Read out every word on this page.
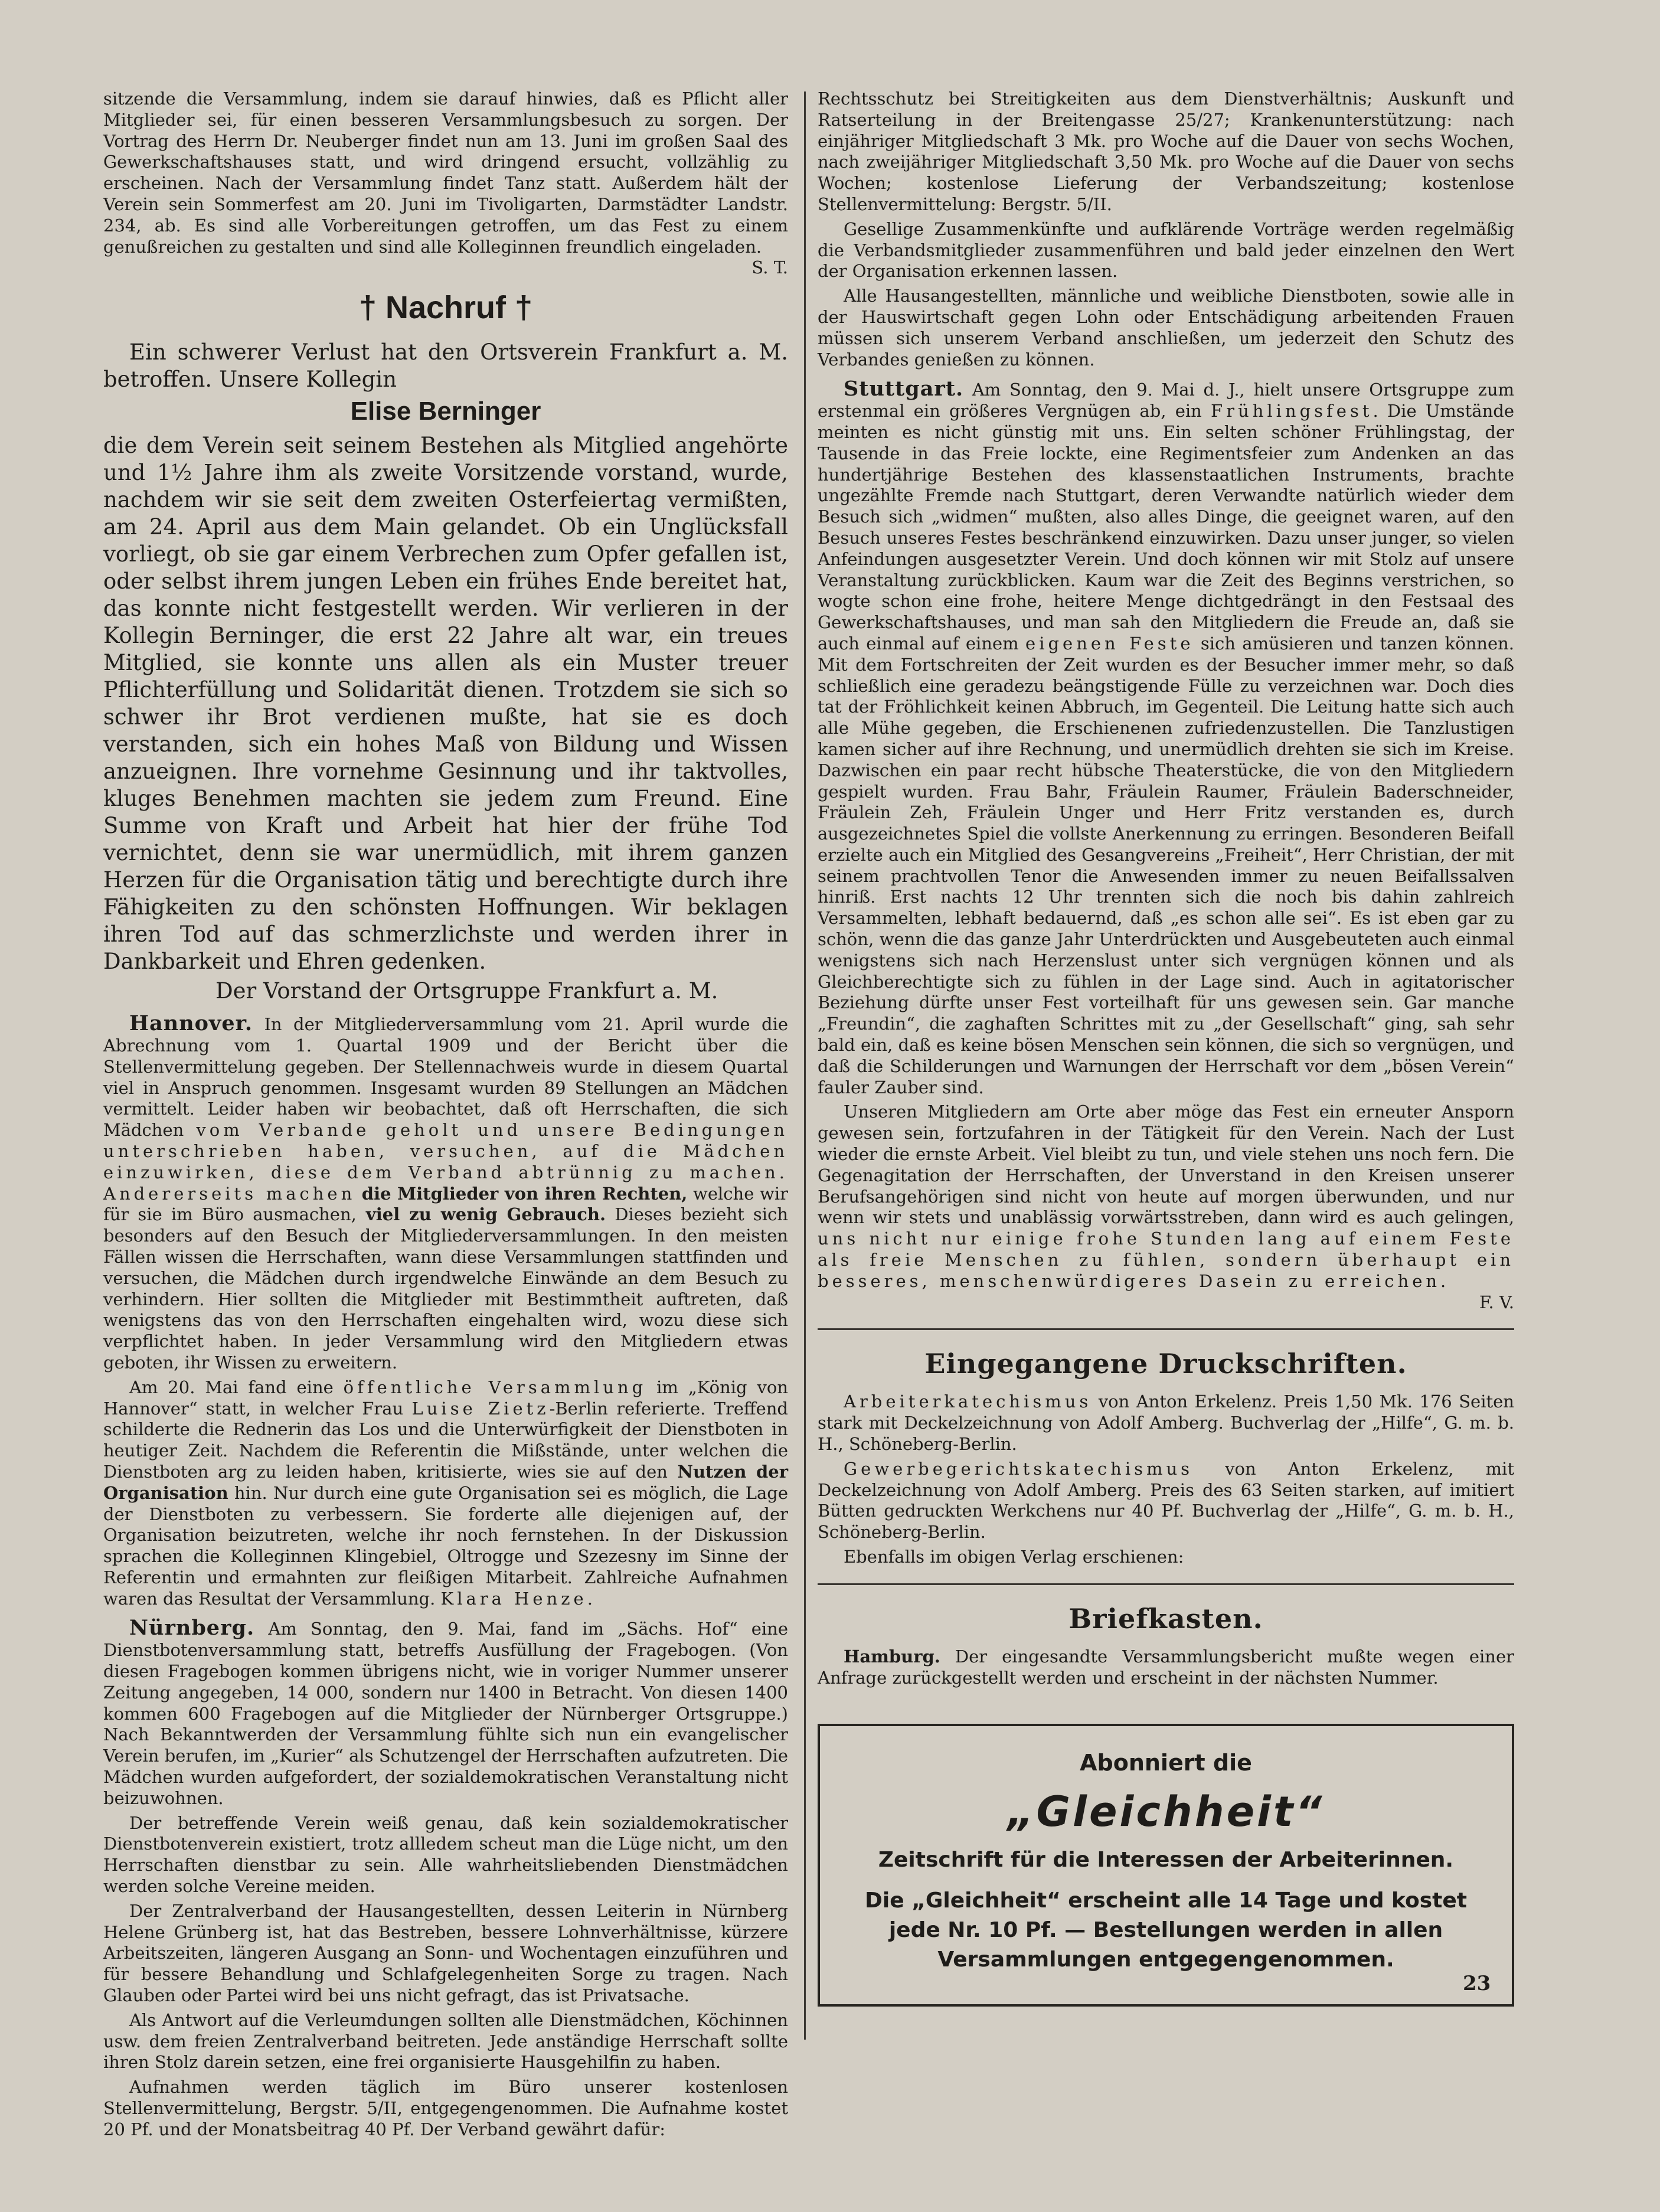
sitzende die Versammlung, indem sie darauf hinwies, daß es Pflicht aller Mitglieder sei, für einen besseren Versammlungsbesuch zu sorgen. Der Vortrag des Herrn Dr. Neuberger findet nun am 13. Juni im großen Saal des Gewerkschaftshauses statt, und wird dringend ersucht, vollzählig zu erscheinen. Nach der Versammlung findet Tanz statt. Außerdem hält der Verein sein Sommerfest am 20. Juni im Tivoligarten, Darmstädter Landstr. 234, ab. Es sind alle Vorbereitungen getroffen, um das Fest zu einem genußreichen zu gestalten und sind alle Kolleginnen freundlich eingeladen.
S. T.

† Nachruf †

Ein schwerer Verlust hat den Ortsverein Frankfurt a. M. betroffen. Unsere Kollegin

Elise Berninger

die dem Verein seit seinem Bestehen als Mitglied angehörte und 1½ Jahre ihm als zweite Vorsitzende vorstand, wurde, nachdem wir sie seit dem zweiten Osterfeiertag vermißten, am 24. April aus dem Main gelandet. Ob ein Unglücksfall vorliegt, ob sie gar einem Verbrechen zum Opfer gefallen ist, oder selbst ihrem jungen Leben ein frühes Ende bereitet hat, das konnte nicht festgestellt werden. Wir verlieren in der Kollegin Berninger, die erst 22 Jahre alt war, ein treues Mitglied, sie konnte uns allen als ein Muster treuer Pflichterfüllung und Solidarität dienen. Trotzdem sie sich so schwer ihr Brot verdienen mußte, hat sie es doch verstanden, sich ein hohes Maß von Bildung und Wissen anzueignen. Ihre vornehme Gesinnung und ihr taktvolles, kluges Benehmen machten sie jedem zum Freund. Eine Summe von Kraft und Arbeit hat hier der frühe Tod vernichtet, denn sie war unermüdlich, mit ihrem ganzen Herzen für die Organisation tätig und berechtigte durch ihre Fähigkeiten zu den schönsten Hoffnungen. Wir beklagen ihren Tod auf das schmerzlichste und werden ihrer in Dankbarkeit und Ehren gedenken.

Der Vorstand der Ortsgruppe Frankfurt a. M.

Hannover. In der Mitgliederversammlung vom 21. April wurde die Abrechnung vom 1. Quartal 1909 und der Bericht über die Stellenvermittelung gegeben. Der Stellennachweis wurde in diesem Quartal viel in Anspruch genommen. Insgesamt wurden 89 Stellungen an Mädchen vermittelt. Leider haben wir beobachtet, daß oft Herrschaften, die sich Mädchen vom Verbande geholt und unsere Bedingungen unterschrieben haben, versuchen, auf die Mädchen einzuwirken, diese dem Verband abtrünnig zu machen. Andererseits machen die Mitglieder von ihren Rechten, welche wir für sie im Büro ausmachen, viel zu wenig Gebrauch. Dieses bezieht sich besonders auf den Besuch der Mitgliederversammlungen. In den meisten Fällen wissen die Herrschaften, wann diese Versammlungen stattfinden und versuchen, die Mädchen durch irgendwelche Einwände an dem Besuch zu verhindern. Hier sollten die Mitglieder mit Bestimmtheit auftreten, daß wenigstens das von den Herrschaften eingehalten wird, wozu diese sich verpflichtet haben. In jeder Versammlung wird den Mitgliedern etwas geboten, ihr Wissen zu erweitern.

Am 20. Mai fand eine öffentliche Versammlung im „König von Hannover“ statt, in welcher Frau Luise Zietz-Berlin referierte. Treffend schilderte die Rednerin das Los und die Unterwürfigkeit der Dienstboten in heutiger Zeit. Nachdem die Referentin die Mißstände, unter welchen die Dienstboten arg zu leiden haben, kritisierte, wies sie auf den Nutzen der Organisation hin. Nur durch eine gute Organisation sei es möglich, die Lage der Dienstboten zu verbessern. Sie forderte alle diejenigen auf, der Organisation beizutreten, welche ihr noch fernstehen. In der Diskussion sprachen die Kolleginnen Klingebiel, Oltrogge und Szezesny im Sinne der Referentin und ermahnten zur fleißigen Mitarbeit. Zahlreiche Aufnahmen waren das Resultat der Versammlung. Klara Henze.

Nürnberg. Am Sonntag, den 9. Mai, fand im „Sächs. Hof“ eine Dienstbotenversammlung statt, betreffs Ausfüllung der Fragebogen. (Von diesen Fragebogen kommen übrigens nicht, wie in voriger Nummer unserer Zeitung angegeben, 14 000, sondern nur 1400 in Betracht. Von diesen 1400 kommen 600 Fragebogen auf die Mitglieder der Nürnberger Ortsgruppe.) Nach Bekanntwerden der Versammlung fühlte sich nun ein evangelischer Verein berufen, im „Kurier“ als Schutzengel der Herrschaften aufzutreten. Die Mädchen wurden aufgefordert, der sozialdemokratischen Veranstaltung nicht beizuwohnen.

Der betreffende Verein weiß genau, daß kein sozialdemokratischer Dienstbotenverein existiert, trotz allledem scheut man die Lüge nicht, um den Herrschaften dienstbar zu sein. Alle wahrheitsliebenden Dienstmädchen werden solche Vereine meiden.

Der Zentralverband der Hausangestellten, dessen Leiterin in Nürnberg Helene Grünberg ist, hat das Bestreben, bessere Lohnverhältnisse, kürzere Arbeitszeiten, längeren Ausgang an Sonn- und Wochentagen einzuführen und für bessere Behandlung und Schlafgelegenheiten Sorge zu tragen. Nach Glauben oder Partei wird bei uns nicht gefragt, das ist Privatsache.

Als Antwort auf die Verleumdungen sollten alle Dienstmädchen, Köchinnen usw. dem freien Zentralverband beitreten. Jede anständige Herrschaft sollte ihren Stolz darein setzen, eine frei organisierte Hausgehilfin zu haben.

Aufnahmen werden täglich im Büro unserer kostenlosen Stellenvermittelung, Bergstr. 5/II, entgegengenommen. Die Aufnahme kostet 20 Pf. und der Monatsbeitrag 40 Pf. Der Verband gewährt dafür:

Rechtsschutz bei Streitigkeiten aus dem Dienstverhältnis; Auskunft und Ratserteilung in der Breitengasse 25/27; Krankenunterstützung: nach einjähriger Mitgliedschaft 3 Mk. pro Woche auf die Dauer von sechs Wochen, nach zweijähriger Mitgliedschaft 3,50 Mk. pro Woche auf die Dauer von sechs Wochen; kostenlose Lieferung der Verbandszeitung; kostenlose Stellenvermittelung: Bergstr. 5/II.

Gesellige Zusammenkünfte und aufklärende Vorträge werden regelmäßig die Verbandsmitglieder zusammenführen und bald jeder einzelnen den Wert der Organisation erkennen lassen.

Alle Hausangestellten, männliche und weibliche Dienstboten, sowie alle in der Hauswirtschaft gegen Lohn oder Entschädigung arbeitenden Frauen müssen sich unserem Verband anschließen, um jederzeit den Schutz des Verbandes genießen zu können.

Stuttgart. Am Sonntag, den 9. Mai d. J., hielt unsere Ortsgruppe zum erstenmal ein größeres Vergnügen ab, ein Frühlingsfest. Die Umstände meinten es nicht günstig mit uns. Ein selten schöner Frühlingstag, der Tausende in das Freie lockte, eine Regimentsfeier zum Andenken an das hundertjährige Bestehen des klassenstaatlichen Instruments, brachte ungezählte Fremde nach Stuttgart, deren Verwandte natürlich wieder dem Besuch sich „widmen“ mußten, also alles Dinge, die geeignet waren, auf den Besuch unseres Festes beschränkend einzuwirken. Dazu unser junger, so vielen Anfeindungen ausgesetzter Verein. Und doch können wir mit Stolz auf unsere Veranstaltung zurückblicken. Kaum war die Zeit des Beginns verstrichen, so wogte schon eine frohe, heitere Menge dichtgedrängt in den Festsaal des Gewerkschaftshauses, und man sah den Mitgliedern die Freude an, daß sie auch einmal auf einem eigenen Feste sich amüsieren und tanzen können. Mit dem Fortschreiten der Zeit wurden es der Besucher immer mehr, so daß schließlich eine geradezu beängstigende Fülle zu verzeichnen war. Doch dies tat der Fröhlichkeit keinen Abbruch, im Gegenteil. Die Leitung hatte sich auch alle Mühe gegeben, die Erschienenen zufriedenzustellen. Die Tanzlustigen kamen sicher auf ihre Rechnung, und unermüdlich drehten sie sich im Kreise. Dazwischen ein paar recht hübsche Theaterstücke, die von den Mitgliedern gespielt wurden. Frau Bahr, Fräulein Raumer, Fräulein Baderschneider, Fräulein Zeh, Fräulein Unger und Herr Fritz verstanden es, durch ausgezeichnetes Spiel die vollste Anerkennung zu erringen. Besonderen Beifall erzielte auch ein Mitglied des Gesangvereins „Freiheit“, Herr Christian, der mit seinem prachtvollen Tenor die Anwesenden immer zu neuen Beifallssalven hinriß. Erst nachts 12 Uhr trennten sich die noch bis dahin zahlreich Versammelten, lebhaft bedauernd, daß „es schon alle sei“. Es ist eben gar zu schön, wenn die das ganze Jahr Unterdrückten und Ausgebeuteten auch einmal wenigstens sich nach Herzenslust unter sich vergnügen können und als Gleichberechtigte sich zu fühlen in der Lage sind. Auch in agitatorischer Beziehung dürfte unser Fest vorteilhaft für uns gewesen sein. Gar manche „Freundin“, die zaghaften Schrittes mit zu „der Gesellschaft“ ging, sah sehr bald ein, daß es keine bösen Menschen sein können, die sich so vergnügen, und daß die Schilderungen und Warnungen der Herrschaft vor dem „bösen Verein“ fauler Zauber sind.

Unseren Mitgliedern am Orte aber möge das Fest ein erneuter Ansporn gewesen sein, fortzufahren in der Tätigkeit für den Verein. Nach der Lust wieder die ernste Arbeit. Viel bleibt zu tun, und viele stehen uns noch fern. Die Gegenagitation der Herrschaften, der Unverstand in den Kreisen unserer Berufsangehörigen sind nicht von heute auf morgen überwunden, und nur wenn wir stets und unablässig vorwärtsstreben, dann wird es auch gelingen, uns nicht nur einige frohe Stunden lang auf einem Feste als freie Menschen zu fühlen, sondern überhaupt ein besseres, menschenwürdigeres Dasein zu erreichen.
F. V.

Eingegangene Druckschriften.

Arbeiterkatechismus von Anton Erkelenz. Preis 1,50 Mk. 176 Seiten stark mit Deckelzeichnung von Adolf Amberg. Buchverlag der „Hilfe“, G. m. b. H., Schöneberg-Berlin.

Gewerbegerichtskatechismus von Anton Erkelenz, mit Deckelzeichnung von Adolf Amberg. Preis des 63 Seiten starken, auf imitiert Bütten gedruckten Werkchens nur 40 Pf. Buchverlag der „Hilfe“, G. m. b. H., Schöneberg-Berlin.

Ebenfalls im obigen Verlag erschienen:

Briefkasten.

Hamburg. Der eingesandte Versammlungsbericht mußte wegen einer Anfrage zurückgestellt werden und erscheint in der nächsten Nummer.

Abonniert die
„Gleichheit“
Zeitschrift für die Interessen der Arbeiterinnen.
Die „Gleichheit“ erscheint alle 14 Tage und kostet jede Nr. 10 Pf. — Bestellungen werden in allen Versammlungen entgegengenommen.
23
